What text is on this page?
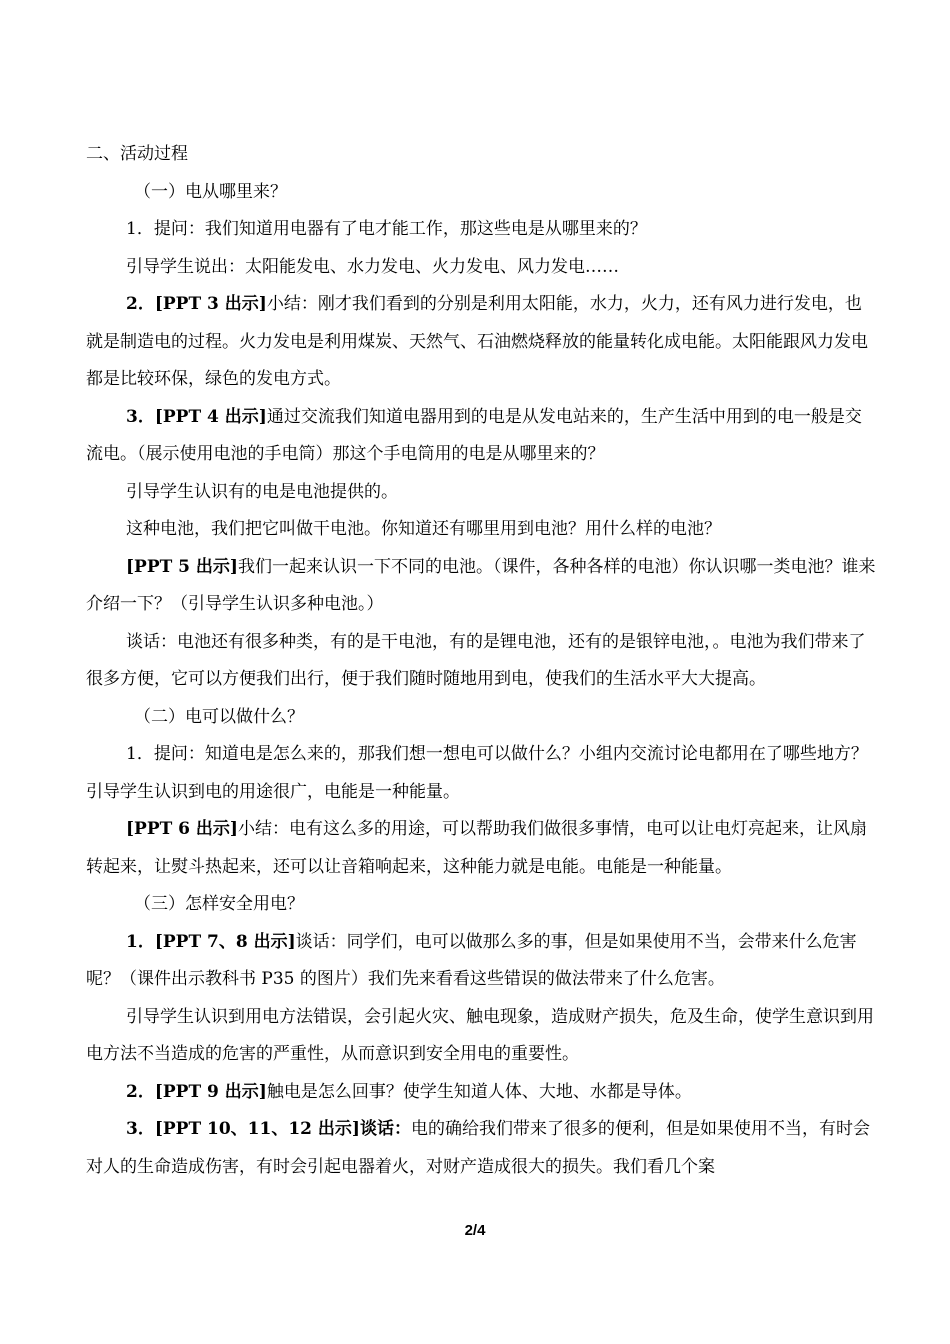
二、活动过程

（一）电从哪里来？

1．提问：我们知道用电器有了电才能工作，那这些电是从哪里来的？

引导学生说出：太阳能发电、水力发电、火力发电、风力发电……

2．[PPT 3 出示]小结：刚才我们看到的分别是利用太阳能，水力，火力，还有风力进行发电，也就是制造电的过程。火力发电是利用煤炭、天然气、石油燃烧释放的能量转化成电能。太阳能跟风力发电都是比较环保，绿色的发电方式。

3．[PPT 4 出示]通过交流我们知道电器用到的电是从发电站来的，生产生活中用到的电一般是交流电。（展示使用电池的手电筒）那这个手电筒用的电是从哪里来的？

引导学生认识有的电是电池提供的。

这种电池，我们把它叫做干电池。你知道还有哪里用到电池？用什么样的电池？

[PPT 5 出示]我们一起来认识一下不同的电池。（课件，各种各样的电池）你认识哪一类电池？谁来介绍一下？（引导学生认识多种电池。）

谈话：电池还有很多种类，有的是干电池，有的是锂电池，还有的是银锌电池，。电池为我们带来了很多方便，它可以方便我们出行，便于我们随时随地用到电，使我们的生活水平大大提高。

（二）电可以做什么？

1．提问：知道电是怎么来的，那我们想一想电可以做什么？小组内交流讨论电都用在了哪些地方？引导学生认识到电的用途很广，电能是一种能量。

[PPT 6 出示]小结：电有这么多的用途，可以帮助我们做很多事情，电可以让电灯亮起来，让风扇转起来，让熨斗热起来，还可以让音箱响起来，这种能力就是电能。电能是一种能量。

（三）怎样安全用电？

1．[PPT 7、8 出示]谈话：同学们，电可以做那么多的事，但是如果使用不当，会带来什么危害呢？（课件出示教科书 P35 的图片）我们先来看看这些错误的做法带来了什么危害。

引导学生认识到用电方法错误，会引起火灾、触电现象，造成财产损失，危及生命，使学生意识到用电方法不当造成的危害的严重性，从而意识到安全用电的重要性。

2．[PPT 9 出示]触电是怎么回事？使学生知道人体、大地、水都是导体。

3．[PPT 10、11、12 出示]谈话：电的确给我们带来了很多的便利，但是如果使用不当，有时会对人的生命造成伤害，有时会引起电器着火，对财产造成很大的损失。我们看几个案

2/4
